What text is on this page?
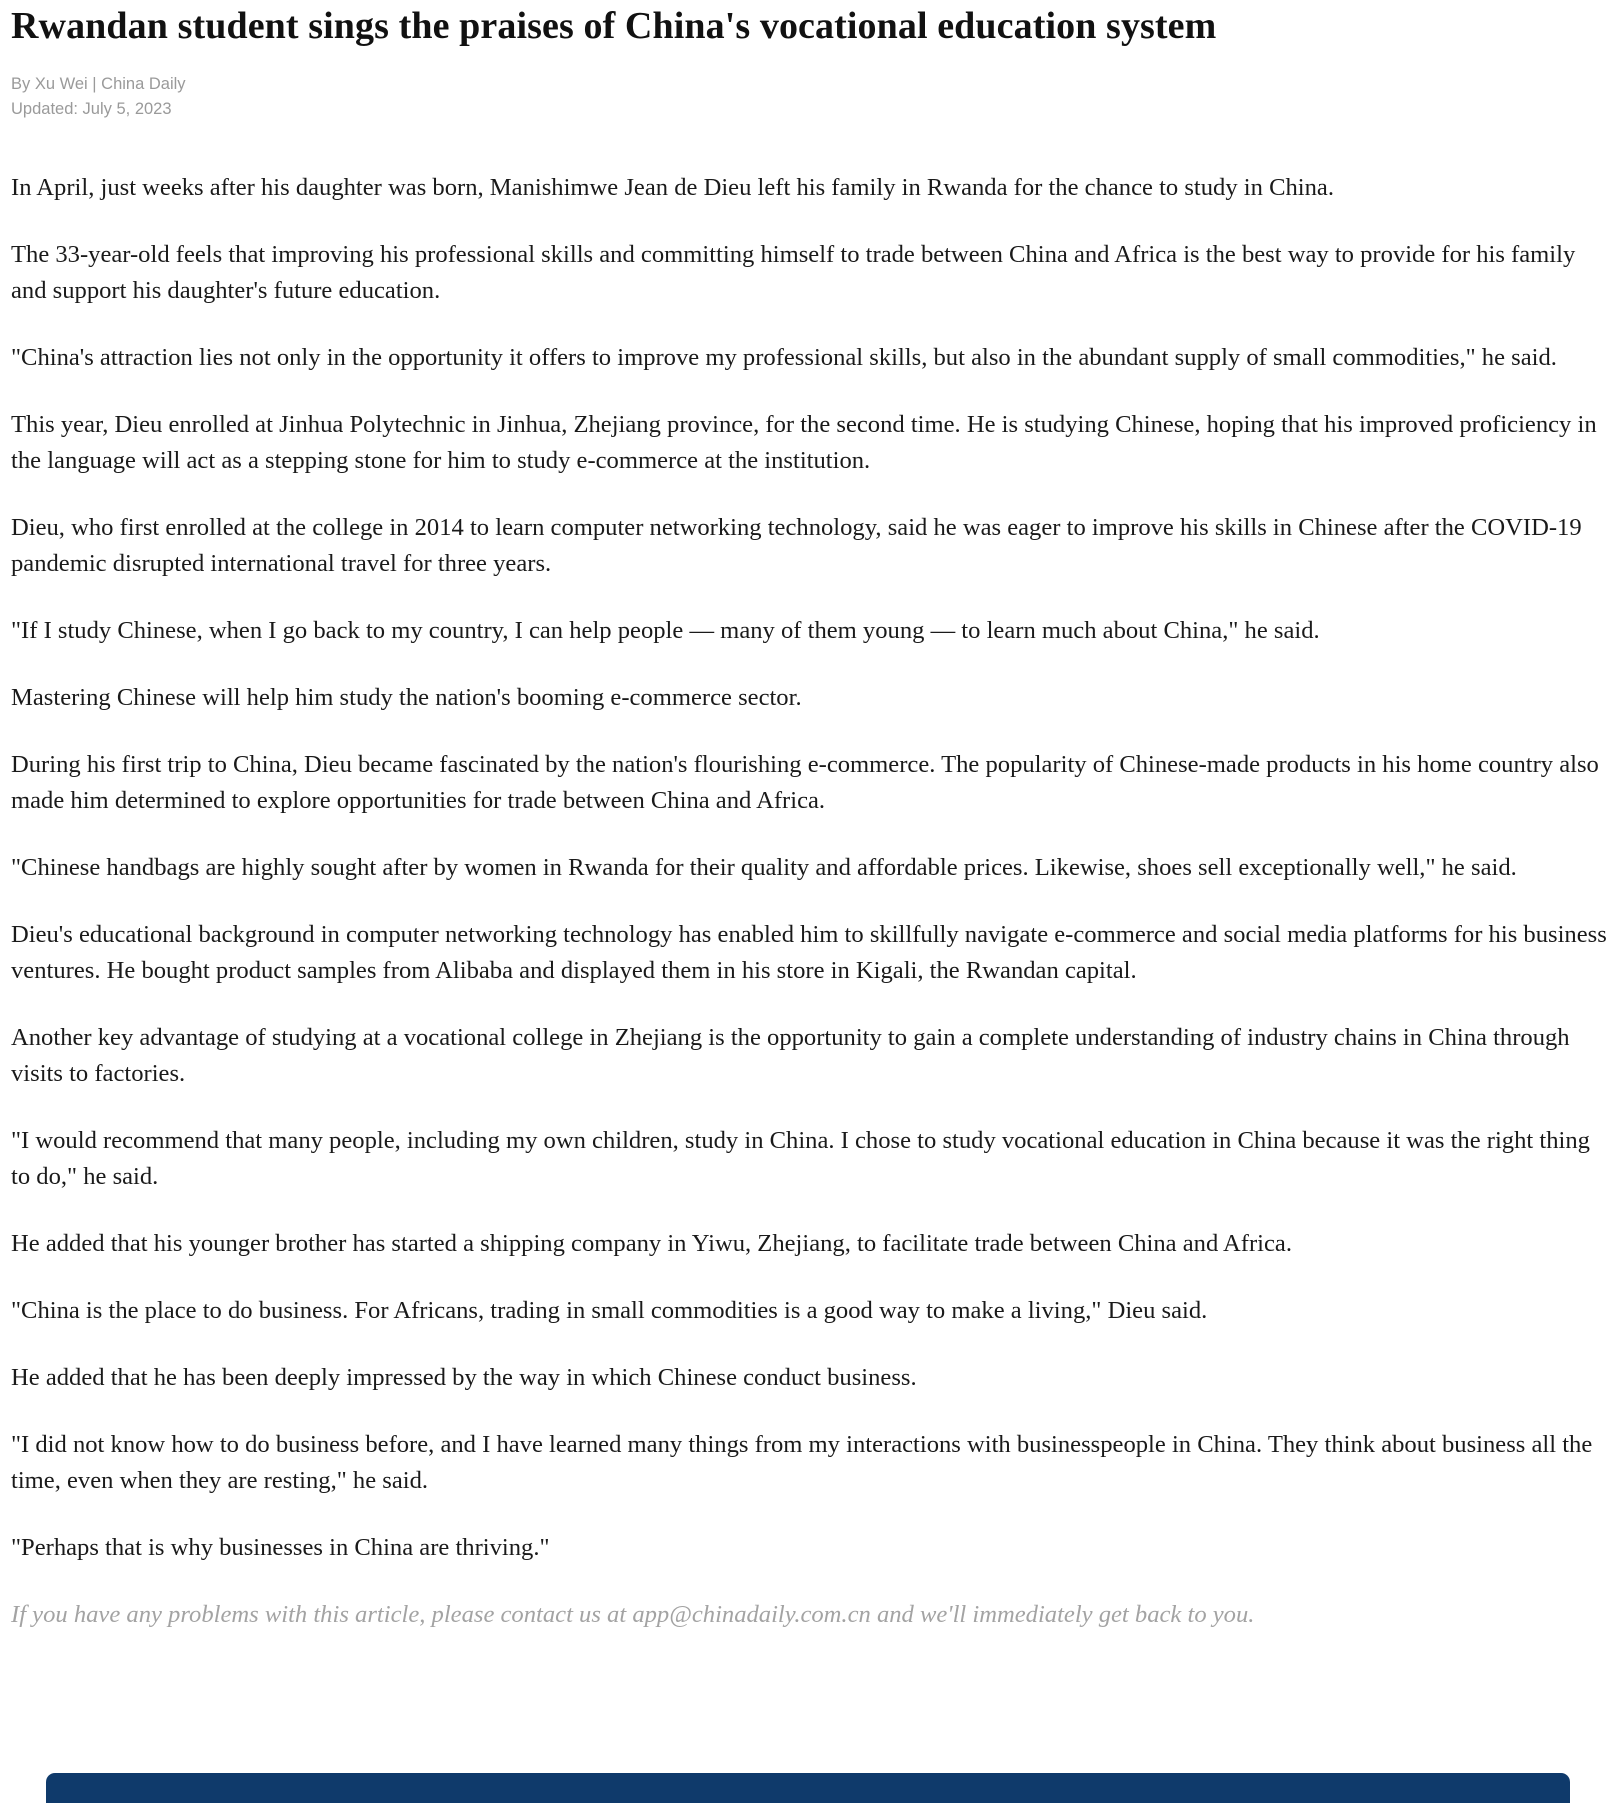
Rwandan student sings the praises of China's vocational education system
By Xu Wei | China Daily
Updated: July 5, 2023

In April, just weeks after his daughter was born, Manishimwe Jean de Dieu left his family in Rwanda for the chance to study in China.

The 33-year-old feels that improving his professional skills and committing himself to trade between China and Africa is the best way to provide for his family and support his daughter's future education.

"China's attraction lies not only in the opportunity it offers to improve my professional skills, but also in the abundant supply of small commodities," he said.

This year, Dieu enrolled at Jinhua Polytechnic in Jinhua, Zhejiang province, for the second time. He is studying Chinese, hoping that his improved proficiency in the language will act as a stepping stone for him to study e-commerce at the institution.

Dieu, who first enrolled at the college in 2014 to learn computer networking technology, said he was eager to improve his skills in Chinese after the COVID-19 pandemic disrupted international travel for three years.

"If I study Chinese, when I go back to my country, I can help people — many of them young — to learn much about China," he said.

Mastering Chinese will help him study the nation's booming e-commerce sector.

During his first trip to China, Dieu became fascinated by the nation's flourishing e-commerce. The popularity of Chinese-made products in his home country also made him determined to explore opportunities for trade between China and Africa.

"Chinese handbags are highly sought after by women in Rwanda for their quality and affordable prices. Likewise, shoes sell exceptionally well," he said.

Dieu's educational background in computer networking technology has enabled him to skillfully navigate e-commerce and social media platforms for his business ventures. He bought product samples from Alibaba and displayed them in his store in Kigali, the Rwandan capital.

Another key advantage of studying at a vocational college in Zhejiang is the opportunity to gain a complete understanding of industry chains in China through visits to factories.

"I would recommend that many people, including my own children, study in China. I chose to study vocational education in China because it was the right thing to do," he said.

He added that his younger brother has started a shipping company in Yiwu, Zhejiang, to facilitate trade between China and Africa.

"China is the place to do business. For Africans, trading in small commodities is a good way to make a living," Dieu said.

He added that he has been deeply impressed by the way in which Chinese conduct business.

"I did not know how to do business before, and I have learned many things from my interactions with businesspeople in China. They think about business all the time, even when they are resting," he said.

"Perhaps that is why businesses in China are thriving."

If you have any problems with this article, please contact us at app@chinadaily.com.cn and we'll immediately get back to you.
